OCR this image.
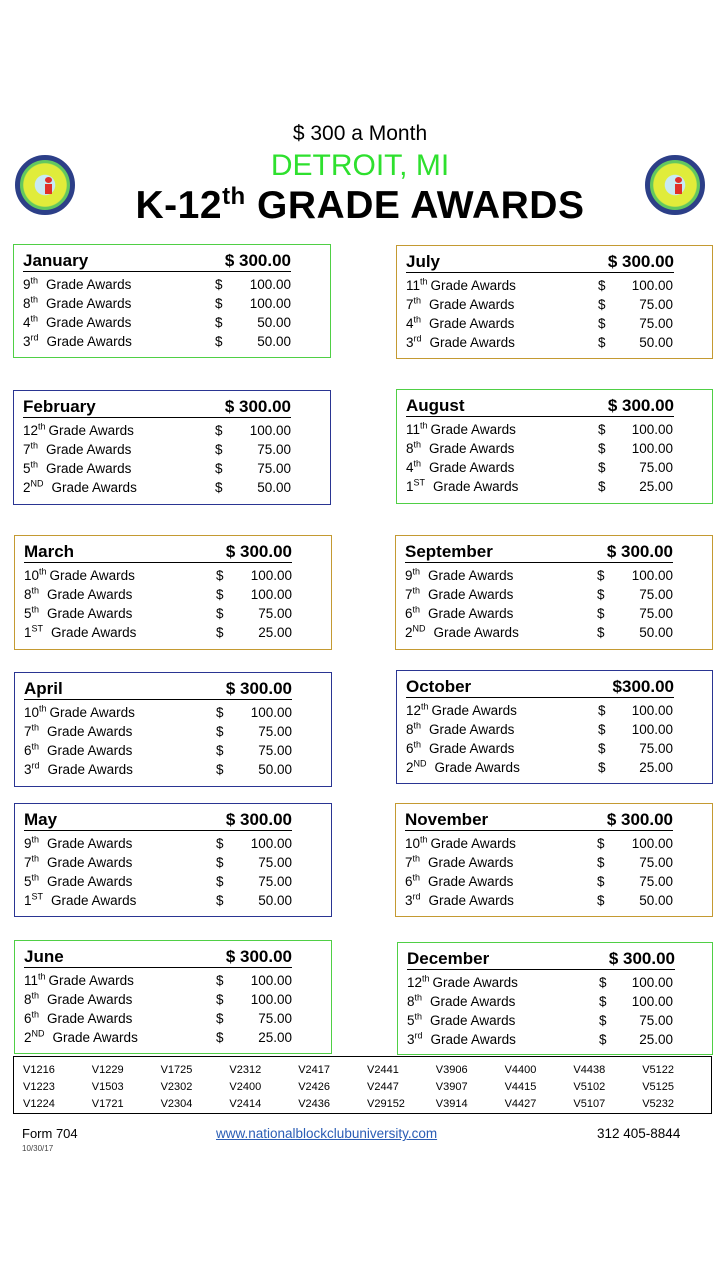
$ 300 a Month
DETROIT, MI
K-12th GRADE AWARDS
January	$ 300.00
9th Grade Awards	$ 100.00
8th Grade Awards	$ 100.00
4th Grade Awards	$	50.00
3rd Grade Awards	$	50.00
February	$ 300.00
12th Grade Awards	$ 100.00
7th Grade Awards	$	75.00
5th Grade Awards	$	75.00
2ND Grade Awards	$	50.00
March	$ 300.00
10th Grade Awards	$ 100.00
8th Grade Awards	$ 100.00
5th Grade Awards	$	75.00
1ST Grade Awards	$	25.00
April	$ 300.00
10th Grade Awards	$ 100.00
7th Grade Awards	$	75.00
6th Grade Awards	$	75.00
3rd Grade Awards	$	50.00
May	$ 300.00
9th Grade Awards	$ 100.00
7th Grade Awards	$	75.00
5th Grade Awards	$	75.00
1ST Grade Awards	$	50.00
June	$ 300.00
11th Grade Awards	$ 100.00
8th Grade Awards	$ 100.00
6th Grade Awards	$	75.00
2ND Grade Awards	$	25.00
July	$ 300.00
11th Grade Awards	$ 100.00
7th Grade Awards	$ 75.00
4th Grade Awards	$ 75.00
3rd Grade Awards	$ 50.00
August	$ 300.00
11th Grade Awards	$ 100.00
8th Grade Awards	$ 100.00
4th Grade Awards	$ 75.00
1ST Grade Awards	$ 25.00
September	$ 300.00
9th Grade Awards	$ 100.00
7th Grade Awards	$	75.00
6th Grade Awards	$	75.00
2ND Grade Awards	$	50.00
October	$300.00
12th Grade Awards	$ 100.00
8th Grade Awards	$ 100.00
6th Grade Awards	$ 75.00
2ND Grade Awards	$ 25.00
November	$ 300.00
10th Grade Awards	$ 100.00
7th Grade Awards	$	75.00
6th Grade Awards	$	75.00
3rd Grade Awards	$	50.00
December	$ 300.00
12th Grade Awards	$ 100.00
8th Grade Awards	$ 100.00
5th Grade Awards	$ 75.00
3rd Grade Awards	$ 25.00
V1216	V1229	V1725	V2312	V2417	V2441	V3906	V4400	V4438	V5122
V1223	V1503	V2302	V2400	V2426	V2447	V3907	V4415	V5102	V5125
V1224	V1721	V2304	V2414	V2436	V29152	V3914	V4427	V5107	V5232
Form 704
10/30/17
www.nationalblockclubuniversity.com	312 405-8844
